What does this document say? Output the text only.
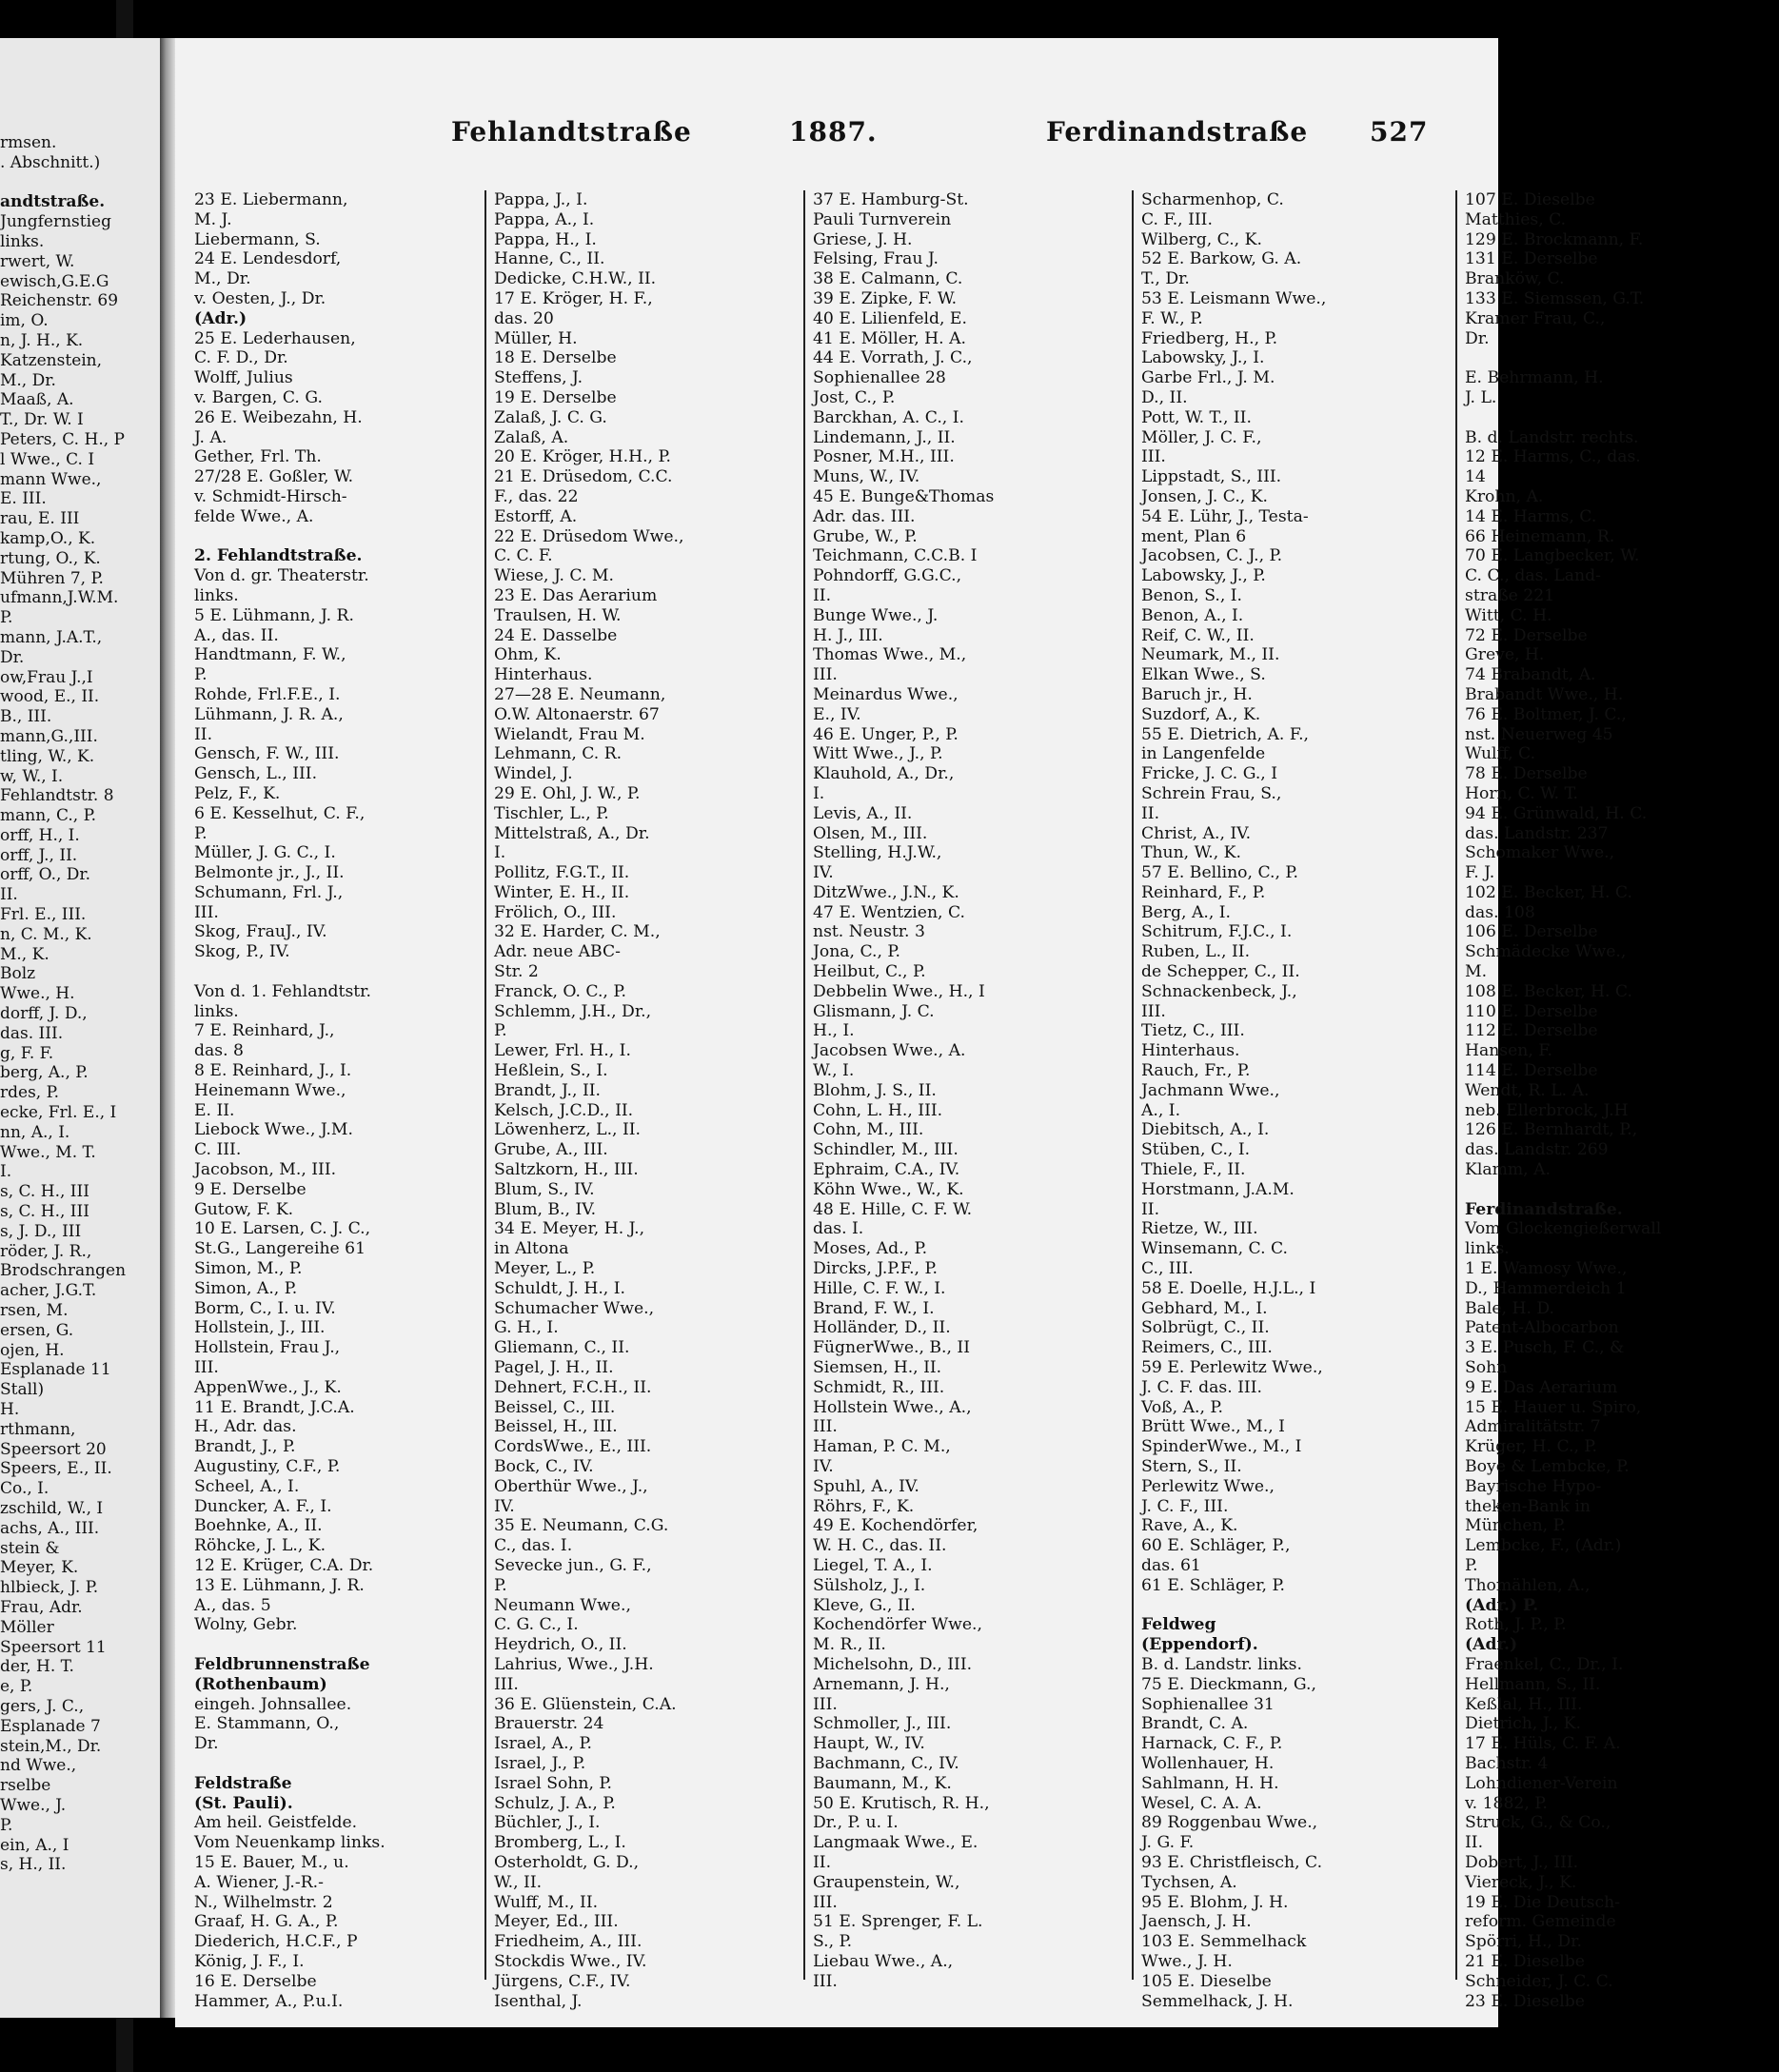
rmsen.
. Abschnitt.)
andtstraße.
Jungfernstieg
links.
rwert, W.
ewisch,G.E.G
Reichenstr. 69
im, O.
n, J. H., K.
Katzenstein,
M., Dr.
Maaß, A.
T., Dr. W. I
Peters, C. H., P
l Wwe., C. I
mann Wwe.,
E. III.
rau, E. III
kamp,O., K.
rtung, O., K.
Mühren 7, P.
ufmann,J.W.M.
P.
mann, J.A.T.,
Dr.
ow,Frau J.,I
wood, E., II.
B., III.
mann,G.,III.
tling, W., K.
w, W., I.
Fehlandtstr. 8
mann, C., P.
orff, H., I.
orff, J., II.
orff, O., Dr.
II.
Frl. E., III.
n, C. M., K.
M., K.
Bolz
Wwe., H.
dorff, J. D.,
das. III.
g, F. F.
berg, A., P.
rdes, P.
ecke, Frl. E., I
nn, A., I.
Wwe., M. T.
I.
s, C. H., III
s, C. H., III
s, J. D., III
röder, J. R.,
Brodschrangen
acher, J.G.T.
rsen, M.
ersen, G.
ojen, H.
Esplanade 11
Stall)
H.
rthmann,
Speersort 20
Speers, E., II.
Co., I.
zschild, W., I
achs, A., III.
stein &
Meyer, K.
hlbieck, J. P.
Frau, Adr.
Möller
Speersort 11
der, H. T.
e, P.
gers, J. C.,
Esplanade 7
stein,M., Dr.
nd Wwe.,
rselbe
Wwe., J.
P.
ein, A., I
s, H., II.
Fehlandtstraße	1887.	Ferdinandstraße 527
23 E. Liebermann,
M. J.
Liebermann, S.
24 E. Lendesdorf,
M., Dr.
v. Oesten, J., Dr.
(Adr.)
25 E. Lederhausen,
C. F. D., Dr.
Wolff, Julius
v. Bargen, C. G.
26 E. Weibezahn, H.
J. A.
Gether, Frl. Th.
27/28 E. Goßler, W.
v. Schmidt-Hirsch-
felde Wwe., A.
2. Fehlandtstraße.
Von d. gr. Theaterstr.
links.
5 E. Lühmann, J. R.
A., das. II.
Handtmann, F. W.,
P.
Rohde, Frl.F.E., I.
Lühmann, J. R. A.,
II.
Gensch, F. W., III.
Gensch, L., III.
Pelz, F., K.
6 E. Kesselhut, C. F.,
P.
Müller, J. G. C., I.
Belmonte jr., J., II.
Schumann, Frl. J.,
III.
Skog, FrauJ., IV.
Skog, P., IV.
Von d. 1. Fehlandtstr.
links.
7 E. Reinhard, J.,
das. 8
8 E. Reinhard, J., I.
Heinemann Wwe.,
E. II.
Liebock Wwe., J.M.
C. III.
Jacobson, M., III.
9 E. Derselbe
Gutow, F. K.
10 E. Larsen, C. J. C.,
St.G., Langereihe 61
Simon, M., P.
Simon, A., P.
Borm, C., I. u. IV.
Hollstein, J., III.
Hollstein, Frau J.,
III.
AppenWwe., J., K.
11 E. Brandt, J.C.A.
H., Adr. das.
Brandt, J., P.
Augustiny, C.F., P.
Scheel, A., I.
Duncker, A. F., I.
Boehnke, A., II.
Röhcke, J. L., K.
12 E. Krüger, C.A. Dr.
13 E. Lühmann, J. R.
A., das. 5
Wolny, Gebr.
Feldbrunnenstraße
(Rothenbaum)
eingeh. Johnsallee.
E. Stammann, O.,
Dr.
Feldstraße
(St. Pauli).
Am heil. Geistfelde.
Vom Neuenkamp links.
15 E. Bauer, M., u.
A. Wiener, J.-R.-
N., Wilhelmstr. 2
Graaf, H. G. A., P.
Diederich, H.C.F., P
König, J. F., I.
16 E. Derselbe
Hammer, A., P.u.I.
Pappa, J., I.
Pappa, A., I.
Pappa, H., I.
Hanne, C., II.
Dedicke, C.H.W., II.
17 E. Kröger, H. F.,
das. 20
Müller, H.
18 E. Derselbe
Steffens, J.
19 E. Derselbe
Zalaß, J. C. G.
Zalaß, A.
20 E. Kröger, H.H., P.
21 E. Drüsedom, C.C.
F., das. 22
Estorff, A.
22 E. Drüsedom Wwe.,
C. C. F.
Wiese, J. C. M.
23 E. Das Aerarium
Traulsen, H. W.
24 E. Dasselbe
Ohm, K.
Hinterhaus.
27—28 E. Neumann,
O.W. Altonaerstr. 67
Wielandt, Frau M.
Lehmann, C. R.
Windel, J.
29 E. Ohl, J. W., P.
Tischler, L., P.
Mittelstraß, A., Dr.
I.
Pollitz, F.G.T., II.
Winter, E. H., II.
Frölich, O., III.
32 E. Harder, C. M.,
Adr. neue ABC-
Str. 2
Franck, O. C., P.
Schlemm, J.H., Dr.,
P.
Lewer, Frl. H., I.
Heßlein, S., I.
Brandt, J., II.
Kelsch, J.C.D., II.
Löwenherz, L., II.
Grube, A., III.
Saltzkorn, H., III.
Blum, S., IV.
Blum, B., IV.
34 E. Meyer, H. J.,
in Altona
Meyer, L., P.
Schuldt, J. H., I.
Schumacher Wwe.,
G. H., I.
Gliemann, C., II.
Pagel, J. H., II.
Dehnert, F.C.H., II.
Beissel, C., III.
Beissel, H., III.
CordsWwe., E., III.
Bock, C., IV.
Oberthür Wwe., J.,
IV.
35 E. Neumann, C.G.
C., das. I.
Sevecke jun., G. F.,
P.
Neumann Wwe.,
C. G. C., I.
Heydrich, O., II.
Lahrius, Wwe., J.H.
III.
36 E. Glüenstein, C.A.
Brauerstr. 24
Israel, A., P.
Israel, J., P.
Israel Sohn, P.
Schulz, J. A., P.
Büchler, J., I.
Bromberg, L., I.
Osterholdt, G. D.,
W., II.
Wulff, M., II.
Meyer, Ed., III.
Friedheim, A., III.
Stockdis Wwe., IV.
Jürgens, C.F., IV.
Isenthal, J.
37 E. Hamburg-St.
Pauli Turnverein
Griese, J. H.
Felsing, Frau J.
38 E. Calmann, C.
39 E. Zipke, F. W.
40 E. Lilienfeld, E.
41 E. Möller, H. A.
44 E. Vorrath, J. C.,
Sophienallee 28
Jost, C., P.
Barckhan, A. C., I.
Lindemann, J., II.
Posner, M.H., III.
Muns, W., IV.
45 E. Bunge&Thomas
Adr. das. III.
Grube, W., P.
Teichmann, C.C.B. I
Pohndorff, G.G.C.,
II.
Bunge Wwe., J.
H. J., III.
Thomas Wwe., M.,
III.
Meinardus Wwe.,
E., IV.
46 E. Unger, P., P.
Witt Wwe., J., P.
Klauhold, A., Dr.,
I.
Levis, A., II.
Olsen, M., III.
Stelling, H.J.W.,
IV.
DitzWwe., J.N., K.
47 E. Wentzien, C.
nst. Neustr. 3
Jona, C., P.
Heilbut, C., P.
Debbelin Wwe., H., I
Glismann, J. C.
H., I.
Jacobsen Wwe., A.
W., I.
Blohm, J. S., II.
Cohn, L. H., III.
Cohn, M., III.
Schindler, M., III.
Ephraim, C.A., IV.
Köhn Wwe., W., K.
48 E. Hille, C. F. W.
das. I.
Moses, Ad., P.
Dircks, J.P.F., P.
Hille, C. F. W., I.
Brand, F. W., I.
Holländer, D., II.
FügnerWwe., B., II
Siemsen, H., II.
Schmidt, R., III.
Hollstein Wwe., A.,
III.
Haman, P. C. M.,
IV.
Spuhl, A., IV.
Röhrs, F., K.
49 E. Kochendörfer,
W. H. C., das. II.
Liegel, T. A., I.
Sülsholz, J., I.
Kleve, G., II.
Kochendörfer Wwe.,
M. R., II.
Michelsohn, D., III.
Arnemann, J. H.,
III.
Schmoller, J., III.
Haupt, W., IV.
Bachmann, C., IV.
Baumann, M., K.
50 E. Krutisch, R. H.,
Dr., P. u. I.
Langmaak Wwe., E.
II.
Graupenstein, W.,
III.
51 E. Sprenger, F. L.
S., P.
Liebau Wwe., A.,
III.
Scharmenhop, C.
C. F., III.
Wilberg, C., K.
52 E. Barkow, G. A.
T., Dr.
53 E. Leismann Wwe.,
F. W., P.
Friedberg, H., P.
Labowsky, J., I.
Garbe Frl., J. M.
D., II.
Pott, W. T., II.
Möller, J. C. F.,
III.
Lippstadt, S., III.
Jonsen, J. C., K.
54 E. Lühr, J., Testa-
ment, Plan 6
Jacobsen, C. J., P.
Labowsky, J., P.
Benon, S., I.
Benon, A., I.
Reif, C. W., II.
Neumark, M., II.
Elkan Wwe., S.
Baruch jr., H.
Suzdorf, A., K.
55 E. Dietrich, A. F.,
in Langenfelde
Fricke, J. C. G., I
Schrein Frau, S.,
II.
Christ, A., IV.
Thun, W., K.
57 E. Bellino, C., P.
Reinhard, F., P.
Berg, A., I.
Schitrum, F.J.C., I.
Ruben, L., II.
de Schepper, C., II.
Schnackenbeck, J.,
III.
Tietz, C., III.
Hinterhaus.
Rauch, Fr., P.
Jachmann Wwe.,
A., I.
Diebitsch, A., I.
Stüben, C., I.
Thiele, F., II.
Horstmann, J.A.M.
II.
Rietze, W., III.
Winsemann, C. C.
C., III.
58 E. Doelle, H.J.L., I
Gebhard, M., I.
Solbrügt, C., II.
Reimers, C., III.
59 E. Perlewitz Wwe.,
J. C. F. das. III.
Voß, A., P.
Brütt Wwe., M., I
SpinderWwe., M., I
Stern, S., II.
Perlewitz Wwe.,
J. C. F., III.
Rave, A., K.
60 E. Schläger, P.,
das. 61
61 E. Schläger, P.
Feldweg
(Eppendorf).
B. d. Landstr. links.
75 E. Dieckmann, G.,
Sophienallee 31
Brandt, C. A.
Harnack, C. F., P.
Wollenhauer, H.
Sahlmann, H. H.
Wesel, C. A. A.
89 Roggenbau Wwe.,
J. G. F.
93 E. Christfleisch, C.
Tychsen, A.
95 E. Blohm, J. H.
Jaensch, J. H.
103 E. Semmelhack
Wwe., J. H.
105 E. Dieselbe
Semmelhack, J. H.
107 E. Dieselbe
Matthies, C.
129 E. Brockmann, F.
131 E. Derselbe
Branköw, C.
133 E. Siemssen, G.T.
Kramer Frau, C.,
Dr.
E. Behrmann, H.
J. L.
B. d. Landstr. rechts.
12 E. Harms, C., das.
14
Krohn, A.
14 E. Harms, C.
66 Heinemann, R.
70 E. Langbecker, W.
C. C., das. Land-
straße 221
Witt, C. H.
72 E. Derselbe
Greve, H.
74 Brabandt, A.
Brabandt Wwe., H.
76 E. Boltmer, J. C.,
nst. Neuerweg 45
Wulff, C.
78 E. Derselbe
Horn, C. W. T.
94 E. Grünwald, H. C.
das. Landstr. 237
Schomaker Wwe.,
F. J.
102 E. Becker, H. C.
das. 108
106 E. Derselbe
Schmädecke Wwe.,
M.
108 E. Becker, H. C.
110 E. Derselbe
112 E. Derselbe
Hansen, F.
114 E. Derselbe
Wendt, R. L. A.
neb. Ellerbrock, J.H
126 E. Bernhardt, P.,
das. Landstr. 269
Klamm, A.
Ferdinandstraße.
Vom Glockengießerwall
links.
1 E. Wamosy Wwe.,
D., Hammerdeich 1
Bale, H. D.
Patent-Albocarbon
3 E. Pusch, F. C., &
Sohn
9 E. Das Aerarium
15 E. Hauer u. Spiro,
Admiralitätstr. 7
Krüger, H. C., P.
Boye & Lembcke, P.
Bayrische Hypo-
theken-Bank in
München, P.
Lembcke, F., (Adr.)
P.
Thomählen, A.,
(Adr.) P.
Roth, J. P., P.
(Adr.)
Fraenkel, C., Dr., I.
Hellmann, S., II.
Keßlal, H., III.
Dietrich, J., K.
17 E. Hüls, C. F. A.
Bachstr. 4
Lohndiener-Verein
v. 1882, P.
Struck, G., & Co.,
II.
Dobert, J., III.
Viereck, J., K.
19 E. Die Deutsch-
reform. Gemeinde
Spörri, H., Dr.
21 E. Dieselbe
Schneider, J. C. C.
23 E. Dieselbe
